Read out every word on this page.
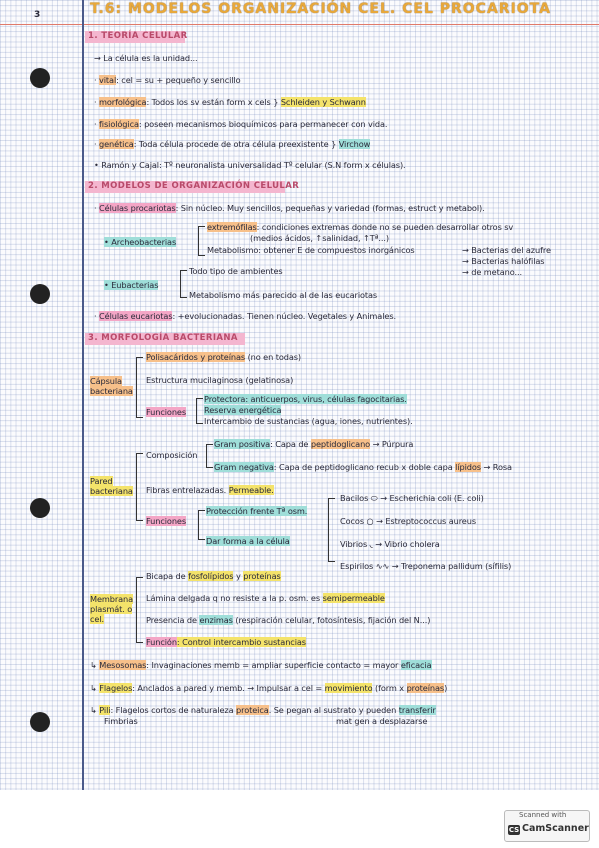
3	T.6: MODELOS ORGANIZACIÓN CEL. CEL PROCARIOTA
1. TEORÍA CELULAR
→ La célula es la unidad...
· vital: cel = su + pequeño y sencillo
· morfológica: Todos los sv están form x cels } Schleiden y Schwann
· fisiológica: poseen mecanismos bioquímicos para permanecer con vida.
· genética: Toda célula procede de otra célula preexistente } Virchow
• Ramón y Cajal: Tº neuronalista universalidad Tº celular (S.N form x células).
2. MODELOS DE ORGANIZACIÓN CELULAR
· Células procariotas: Sin núcleo. Muy sencillos, pequeñas y variedad (formas, estruct y metabol).
• Archeobacterias
extremófilas: condiciones extremas donde no se pueden desarrollar otros sv
(medios ácidos, ↑salinidad, ↑Tª...)
Metabolismo: obtener E de compuestos inorgánicos	→ Bacterias del azufre
→ Bacterias halófilas
→ de metano...
• Eubacterias
Todo tipo de ambientes
Metabolismo más parecido al de las eucariotas
· Células eucariotas: +evolucionadas. Tienen núcleo. Vegetales y Animales.
3. MORFOLOGÍA BACTERIANA
Cápsula bacteriana
Polisacáridos y proteínas (no en todas)
Estructura mucilaginosa (gelatinosa)
Funciones
Protectora: anticuerpos, virus, células fagocitarias.
Reserva energética
Intercambio de sustancias (agua, iones, nutrientes).
Pared bacteriana
Composición
Gram positiva: Capa de peptidoglicano → Púrpura
Gram negativa: Capa de peptidoglicano recub x doble capa lípidos → Rosa
Fibras entrelazadas. Permeable.
Funciones
Protección frente Tª osm.
Dar forma a la célula
Bacilos ⬭ → Escherichia coli (E. coli)
Cocos ○ → Estreptococcus aureus
Vibrios ◟ → Vibrio cholera
Espirilos ∿∿ → Treponema pallidum (sífilis)
Membrana plasmát. o cel.
Bicapa de fosfolípidos y proteínas
Lámina delgada q no resiste a la p. osm. es semipermeable
Presencia de enzimas (respiración celular, fotosíntesis, fijación del N...)
Función: Control intercambio sustancias
↳ Mesosomas: Invaginaciones memb = ampliar superficie contacto = mayor eficacia
↳ Flagelos: Anclados a pared y memb. → Impulsar a cel = movimiento (form x proteínas)
↳ Pili: Flagelos cortos de naturaleza proteica. Se pegan al sustrato y pueden transferir
Fimbrias	mat gen a desplazarse
Scanned with
CS CamScanner
